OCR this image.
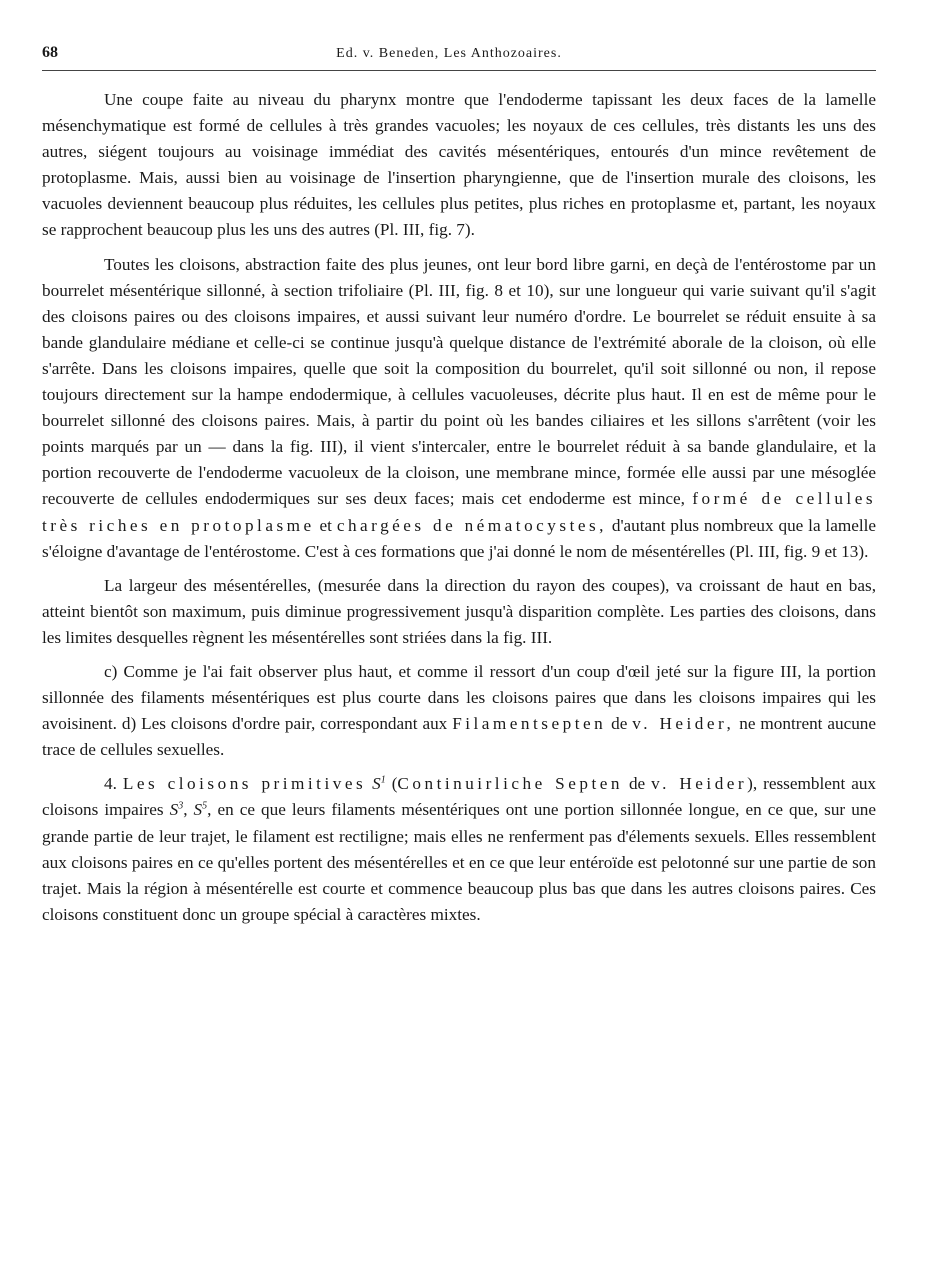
68	Ed. v. Beneden, Les Anthozoaires.

Une coupe faite au niveau du pharynx montre que l'endoderme tapissant les deux faces de la lamelle mésenchymatique est formé de cellules à très grandes vacuoles; les noyaux de ces cellules, très distants les uns des autres, siégent toujours au voisinage immédiat des cavités mésentériques, entourés d'un mince revêtement de protoplasme. Mais, aussi bien au voisinage de l'insertion pharyngienne, que de l'insertion murale des cloisons, les vacuoles deviennent beaucoup plus réduites, les cellules plus petites, plus riches en protoplasme et, partant, les noyaux se rapprochent beaucoup plus les uns des autres (Pl. III, fig. 7).

Toutes les cloisons, abstraction faite des plus jeunes, ont leur bord libre garni, en deçà de l'entérostome par un bourrelet mésentérique sillonné, à section trifoliaire (Pl. III, fig. 8 et 10), sur une longueur qui varie suivant qu'il s'agit des cloisons paires ou des cloisons impaires, et aussi suivant leur numéro d'ordre. Le bourrelet se réduit ensuite à sa bande glandulaire médiane et celle-ci se continue jusqu'à quelque distance de l'extrémité aborale de la cloison, où elle s'arrête. Dans les cloisons impaires, quelle que soit la composition du bourrelet, qu'il soit sillonné ou non, il repose toujours directement sur la hampe endodermique, à cellules vacuoleuses, décrite plus haut. Il en est de même pour le bourrelet sillonné des cloisons paires. Mais, à partir du point où les bandes ciliaires et les sillons s'arrêtent (voir les points marqués par un — dans la fig. III), il vient s'intercaler, entre le bourrelet réduit à sa bande glandulaire, et la portion recouverte de l'endoderme vacuoleux de la cloison, une membrane mince, formée elle aussi par une mésoglée recouverte de cellules endodermiques sur ses deux faces; mais cet endoderme est mince, formé de cellules très riches en protoplasme et chargées de nématocystes, d'autant plus nombreux que la lamelle s'éloigne d'avantage de l'entérostome. C'est à ces formations que j'ai donné le nom de mésentérelles (Pl. III, fig. 9 et 13).

La largeur des mésentérelles, (mesurée dans la direction du rayon des coupes), va croissant de haut en bas, atteint bientôt son maximum, puis diminue progressivement jusqu'à disparition complète. Les parties des cloisons, dans les limites desquelles règnent les mésentérelles sont striées dans la fig. III.

c) Comme je l'ai fait observer plus haut, et comme il ressort d'un coup d'œil jeté sur la figure III, la portion sillonnée des filaments mésentériques est plus courte dans les cloisons paires que dans les cloisons impaires qui les avoisinent. d) Les cloisons d'ordre pair, correspondant aux Filamentsepten de v. Heider, ne montrent aucune trace de cellules sexuelles.

4. Les cloisons primitives $S^1$ (Continuirliche Septen de v. Heider), ressemblent aux cloisons impaires $S^3$, $S^5$, en ce que leurs filaments mésentériques ont une portion sillonnée longue, en ce que, sur une grande partie de leur trajet, le filament est rectiligne; mais elles ne renferment pas d'élements sexuels. Elles ressemblent aux cloisons paires en ce qu'elles portent des mésentérelles et en ce que leur entéroïde est pelotonné sur une partie de son trajet. Mais la région à mésentérelle est courte et commence beaucoup plus bas que dans les autres cloisons paires. Ces cloisons constituent donc un groupe spécial à caractères mixtes.
